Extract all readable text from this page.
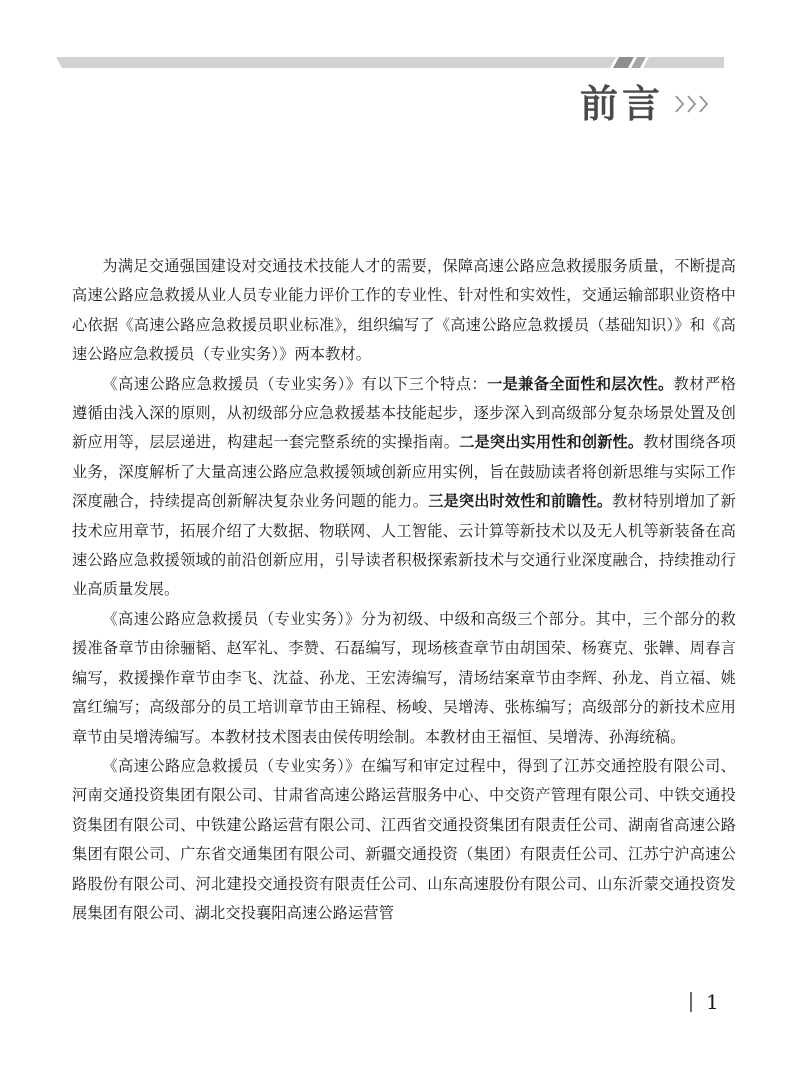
前言

为满足交通强国建设对交通技术技能人才的需要，保障高速公路应急救援服务质量，不断提高高速公路应急救援从业人员专业能力评价工作的专业性、针对性和实效性，交通运输部职业资格中心依据《高速公路应急救援员职业标准》，组织编写了《高速公路应急救援员（基础知识）》和《高速公路应急救援员（专业实务）》两本教材。

《高速公路应急救援员（专业实务）》有以下三个特点：一是兼备全面性和层次性。教材严格遵循由浅入深的原则，从初级部分应急救援基本技能起步，逐步深入到高级部分复杂场景处置及创新应用等，层层递进，构建起一套完整系统的实操指南。二是突出实用性和创新性。教材围绕各项业务，深度解析了大量高速公路应急救援领域创新应用实例，旨在鼓励读者将创新思维与实际工作深度融合，持续提高创新解决复杂业务问题的能力。三是突出时效性和前瞻性。教材特别增加了新技术应用章节，拓展介绍了大数据、物联网、人工智能、云计算等新技术以及无人机等新装备在高速公路应急救援领域的前沿创新应用，引导读者积极探索新技术与交通行业深度融合，持续推动行业高质量发展。

《高速公路应急救援员（专业实务）》分为初级、中级和高级三个部分。其中，三个部分的救援准备章节由徐骊韬、赵军礼、李赞、石磊编写，现场核查章节由胡国荣、杨赛克、张韡、周春言编写，救援操作章节由李飞、沈益、孙龙、王宏涛编写，清场结案章节由李辉、孙龙、肖立福、姚富红编写；高级部分的员工培训章节由王锦程、杨峻、吴增涛、张栋编写；高级部分的新技术应用章节由吴增涛编写。本教材技术图表由侯传明绘制。本教材由王福恒、吴增涛、孙海统稿。

《高速公路应急救援员（专业实务）》在编写和审定过程中，得到了江苏交通控股有限公司、河南交通投资集团有限公司、甘肃省高速公路运营服务中心、中交资产管理有限公司、中铁交通投资集团有限公司、中铁建公路运营有限公司、江西省交通投资集团有限责任公司、湖南省高速公路集团有限公司、广东省交通集团有限公司、新疆交通投资（集团）有限责任公司、江苏宁沪高速公路股份有限公司、河北建投交通投资有限责任公司、山东高速股份有限公司、山东沂蒙交通投资发展集团有限公司、湖北交投襄阳高速公路运营管

1
